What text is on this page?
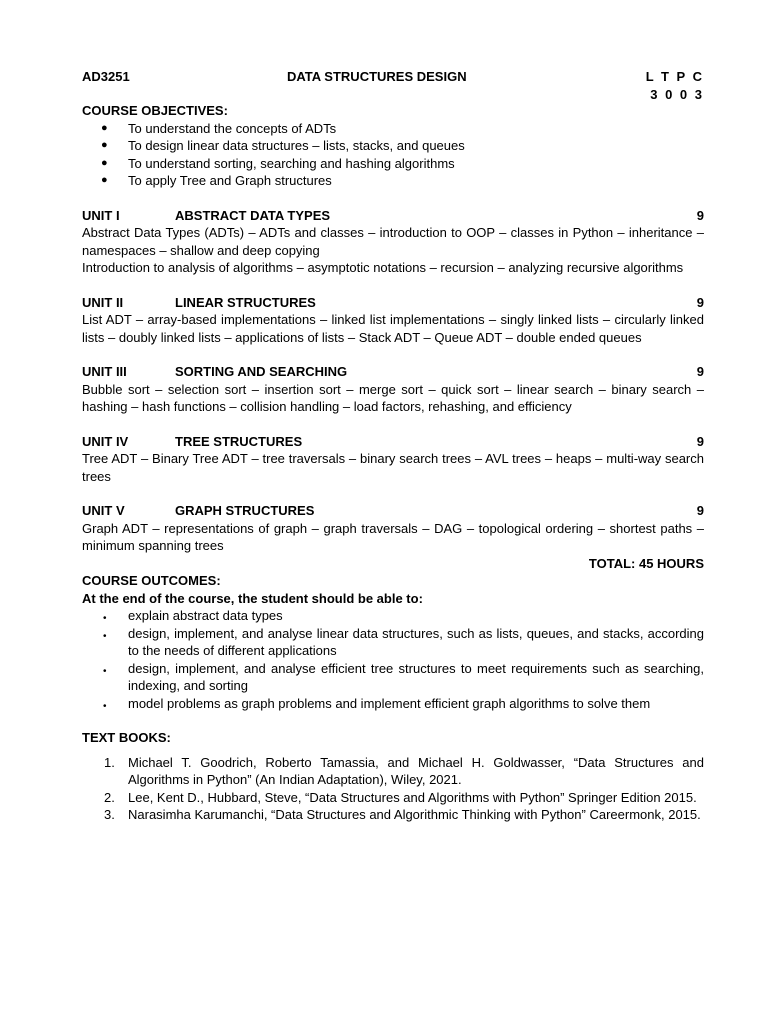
AD3251	DATA STRUCTURES DESIGN	L T P C
3 0 0 3
COURSE OBJECTIVES:
● To understand the concepts of ADTs
● To design linear data structures – lists, stacks, and queues
● To understand sorting, searching and hashing algorithms
● To apply Tree and Graph structures
UNIT I	ABSTRACT DATA TYPES	9
Abstract Data Types (ADTs) – ADTs and classes – introduction to OOP – classes in Python – inheritance – namespaces – shallow and deep copying
Introduction to analysis of algorithms – asymptotic notations – recursion – analyzing recursive algorithms
UNIT II	LINEAR STRUCTURES	9
List ADT – array-based implementations – linked list implementations – singly linked lists – circularly linked lists – doubly linked lists – applications of lists – Stack ADT – Queue ADT – double ended queues
UNIT III	SORTING AND SEARCHING	9
Bubble sort – selection sort – insertion sort – merge sort – quick sort – linear search – binary search – hashing – hash functions – collision handling – load factors, rehashing, and efficiency
UNIT IV	TREE STRUCTURES	9
Tree ADT – Binary Tree ADT – tree traversals – binary search trees – AVL trees – heaps – multi-way search trees
UNIT V	GRAPH STRUCTURES	9
Graph ADT – representations of graph – graph traversals – DAG – topological ordering – shortest paths – minimum spanning trees
TOTAL: 45 HOURS
COURSE OUTCOMES:
At the end of the course, the student should be able to:
• explain abstract data types
• design, implement, and analyse linear data structures, such as lists, queues, and stacks, according to the needs of different applications
• design, implement, and analyse efficient tree structures to meet requirements such as searching, indexing, and sorting
• model problems as graph problems and implement efficient graph algorithms to solve them
TEXT BOOKS:
1. Michael T. Goodrich, Roberto Tamassia, and Michael H. Goldwasser, “Data Structures and Algorithms in Python” (An Indian Adaptation), Wiley, 2021.
2. Lee, Kent D., Hubbard, Steve, “Data Structures and Algorithms with Python” Springer Edition 2015.
3. Narasimha Karumanchi, “Data Structures and Algorithmic Thinking with Python” Careermonk, 2015.
